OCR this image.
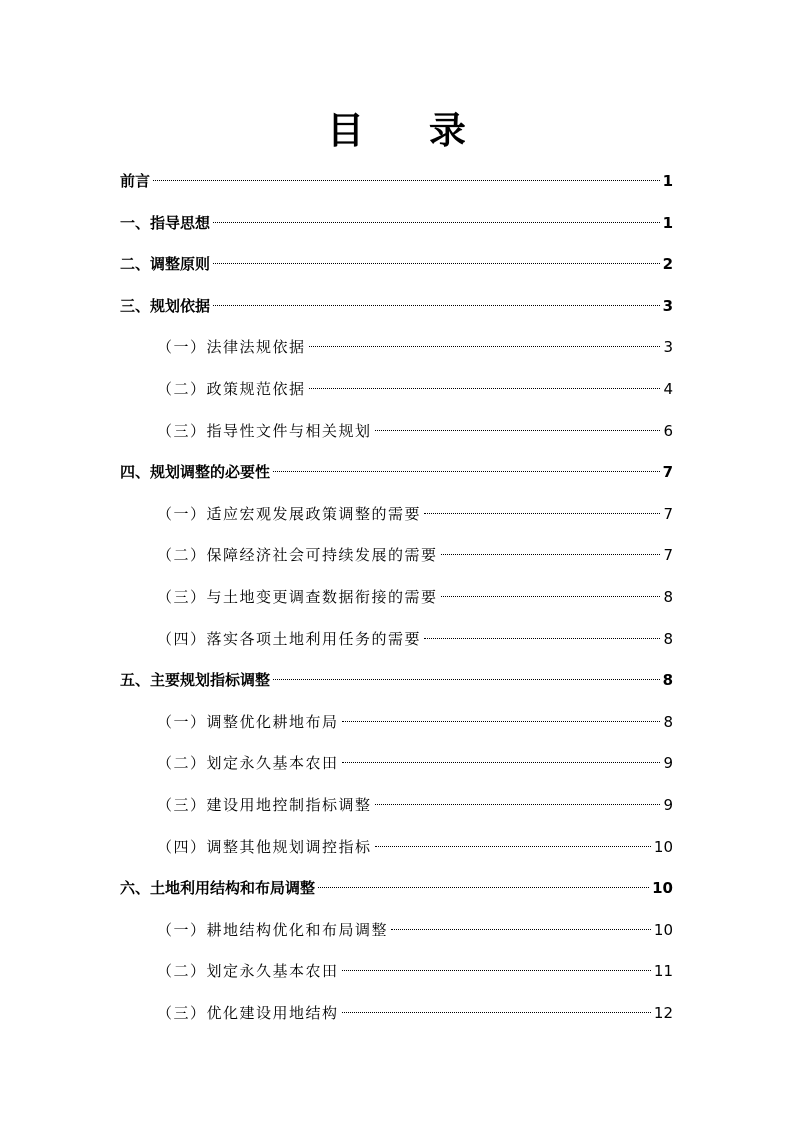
目 录
前言	1
一、指导思想	1
二、调整原则	2
三、规划依据	3
（一）法律法规依据	3
（二）政策规范依据	4
（三）指导性文件与相关规划	6
四、规划调整的必要性	7
（一）适应宏观发展政策调整的需要	7
（二）保障经济社会可持续发展的需要	7
（三）与土地变更调查数据衔接的需要	8
（四）落实各项土地利用任务的需要	8
五、主要规划指标调整	8
（一）调整优化耕地布局	8
（二）划定永久基本农田	9
（三）建设用地控制指标调整	9
（四）调整其他规划调控指标	10
六、土地利用结构和布局调整	10
（一）耕地结构优化和布局调整	10
（二）划定永久基本农田	11
（三）优化建设用地结构	12
